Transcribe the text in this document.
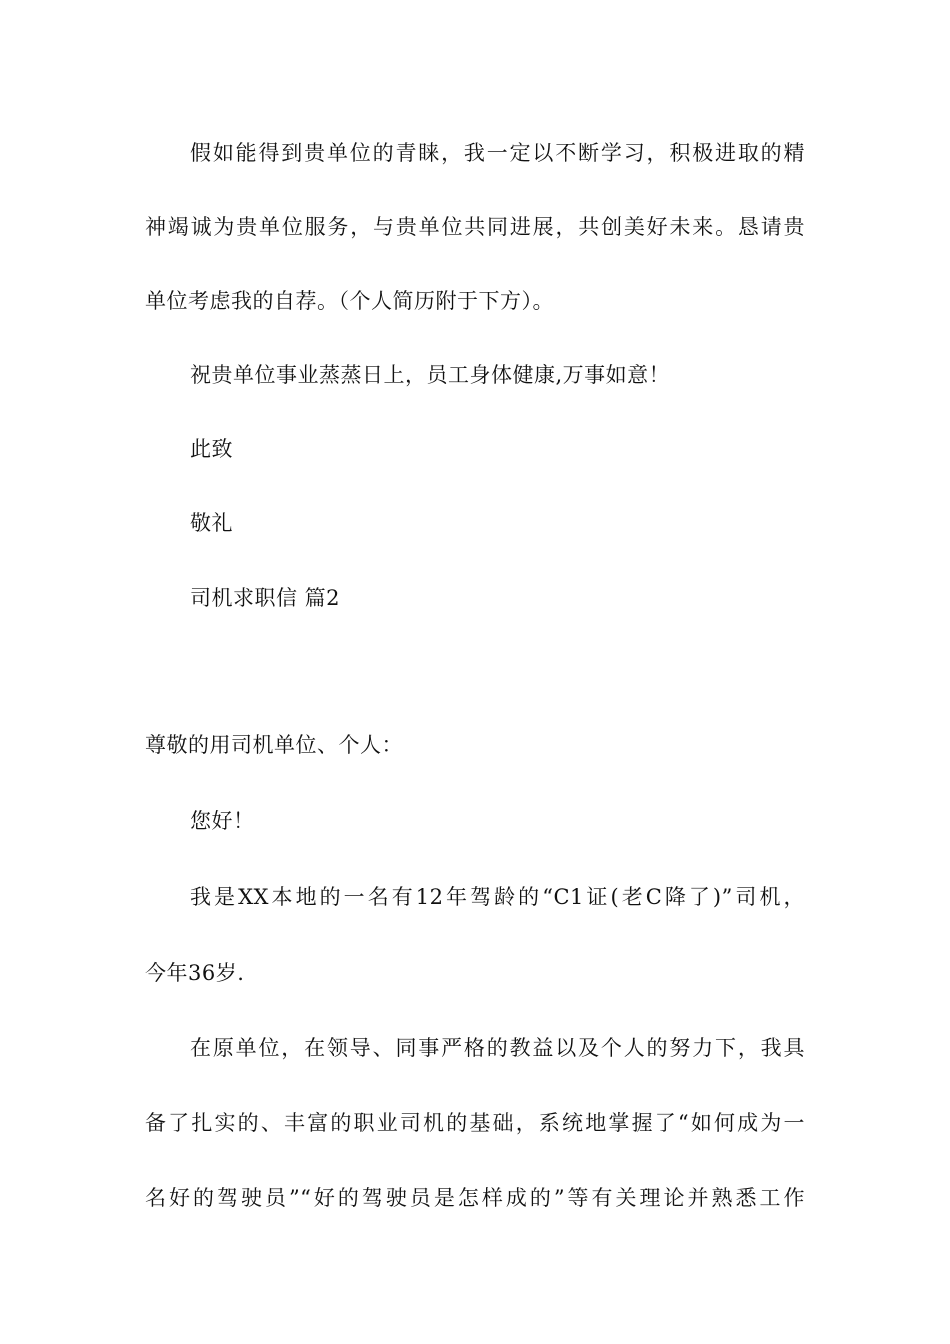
假如能得到贵单位的青睐，我一定以不断学习，积极进取的精
神竭诚为贵单位服务，与贵单位共同进展，共创美好未来。恳请贵
单位考虑我的自荐。（个人简历附于下方）。
祝贵单位事业蒸蒸日上，员工身体健康,万事如意！
此致
敬礼
司机求职信 篇2
尊敬的用司机单位、个人：
您好！
我是XX本地的一名有12年驾龄的“C1证(老C降了)”司机，
今年36岁.
在原单位，在领导、同事严格的教益以及个人的努力下，我具
备了扎实的、丰富的职业司机的基础，系统地掌握了“如何成为一
名好的驾驶员”“好的驾驶员是怎样成的”等有关理论并熟悉工作
